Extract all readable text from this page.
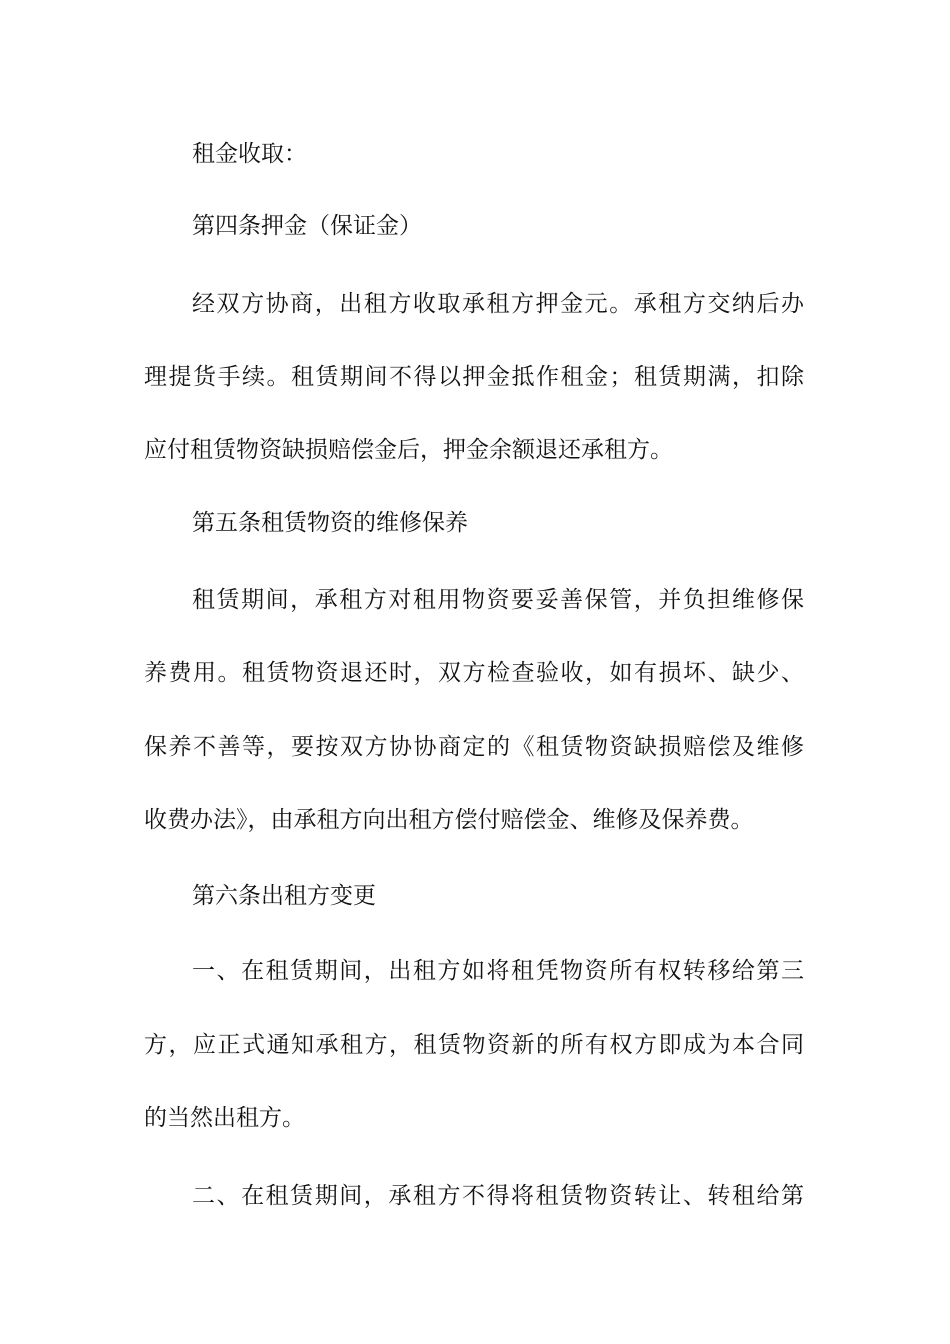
租金收取：
第四条押金（保证金）
经双方协商，出租方收取承租方押金元。承租方交纳后办
理提货手续。租赁期间不得以押金抵作租金；租赁期满，扣除
应付租赁物资缺损赔偿金后，押金余额退还承租方。
第五条租赁物资的维修保养
租赁期间，承租方对租用物资要妥善保管，并负担维修保
养费用。租赁物资退还时，双方检查验收，如有损坏、缺少、
保养不善等，要按双方协协商定的《租赁物资缺损赔偿及维修
收费办法》，由承租方向出租方偿付赔偿金、维修及保养费。
第六条出租方变更
一、在租赁期间，出租方如将租凭物资所有权转移给第三
方，应正式通知承租方，租赁物资新的所有权方即成为本合同
的当然出租方。
二、在租赁期间，承租方不得将租赁物资转让、转租给第
